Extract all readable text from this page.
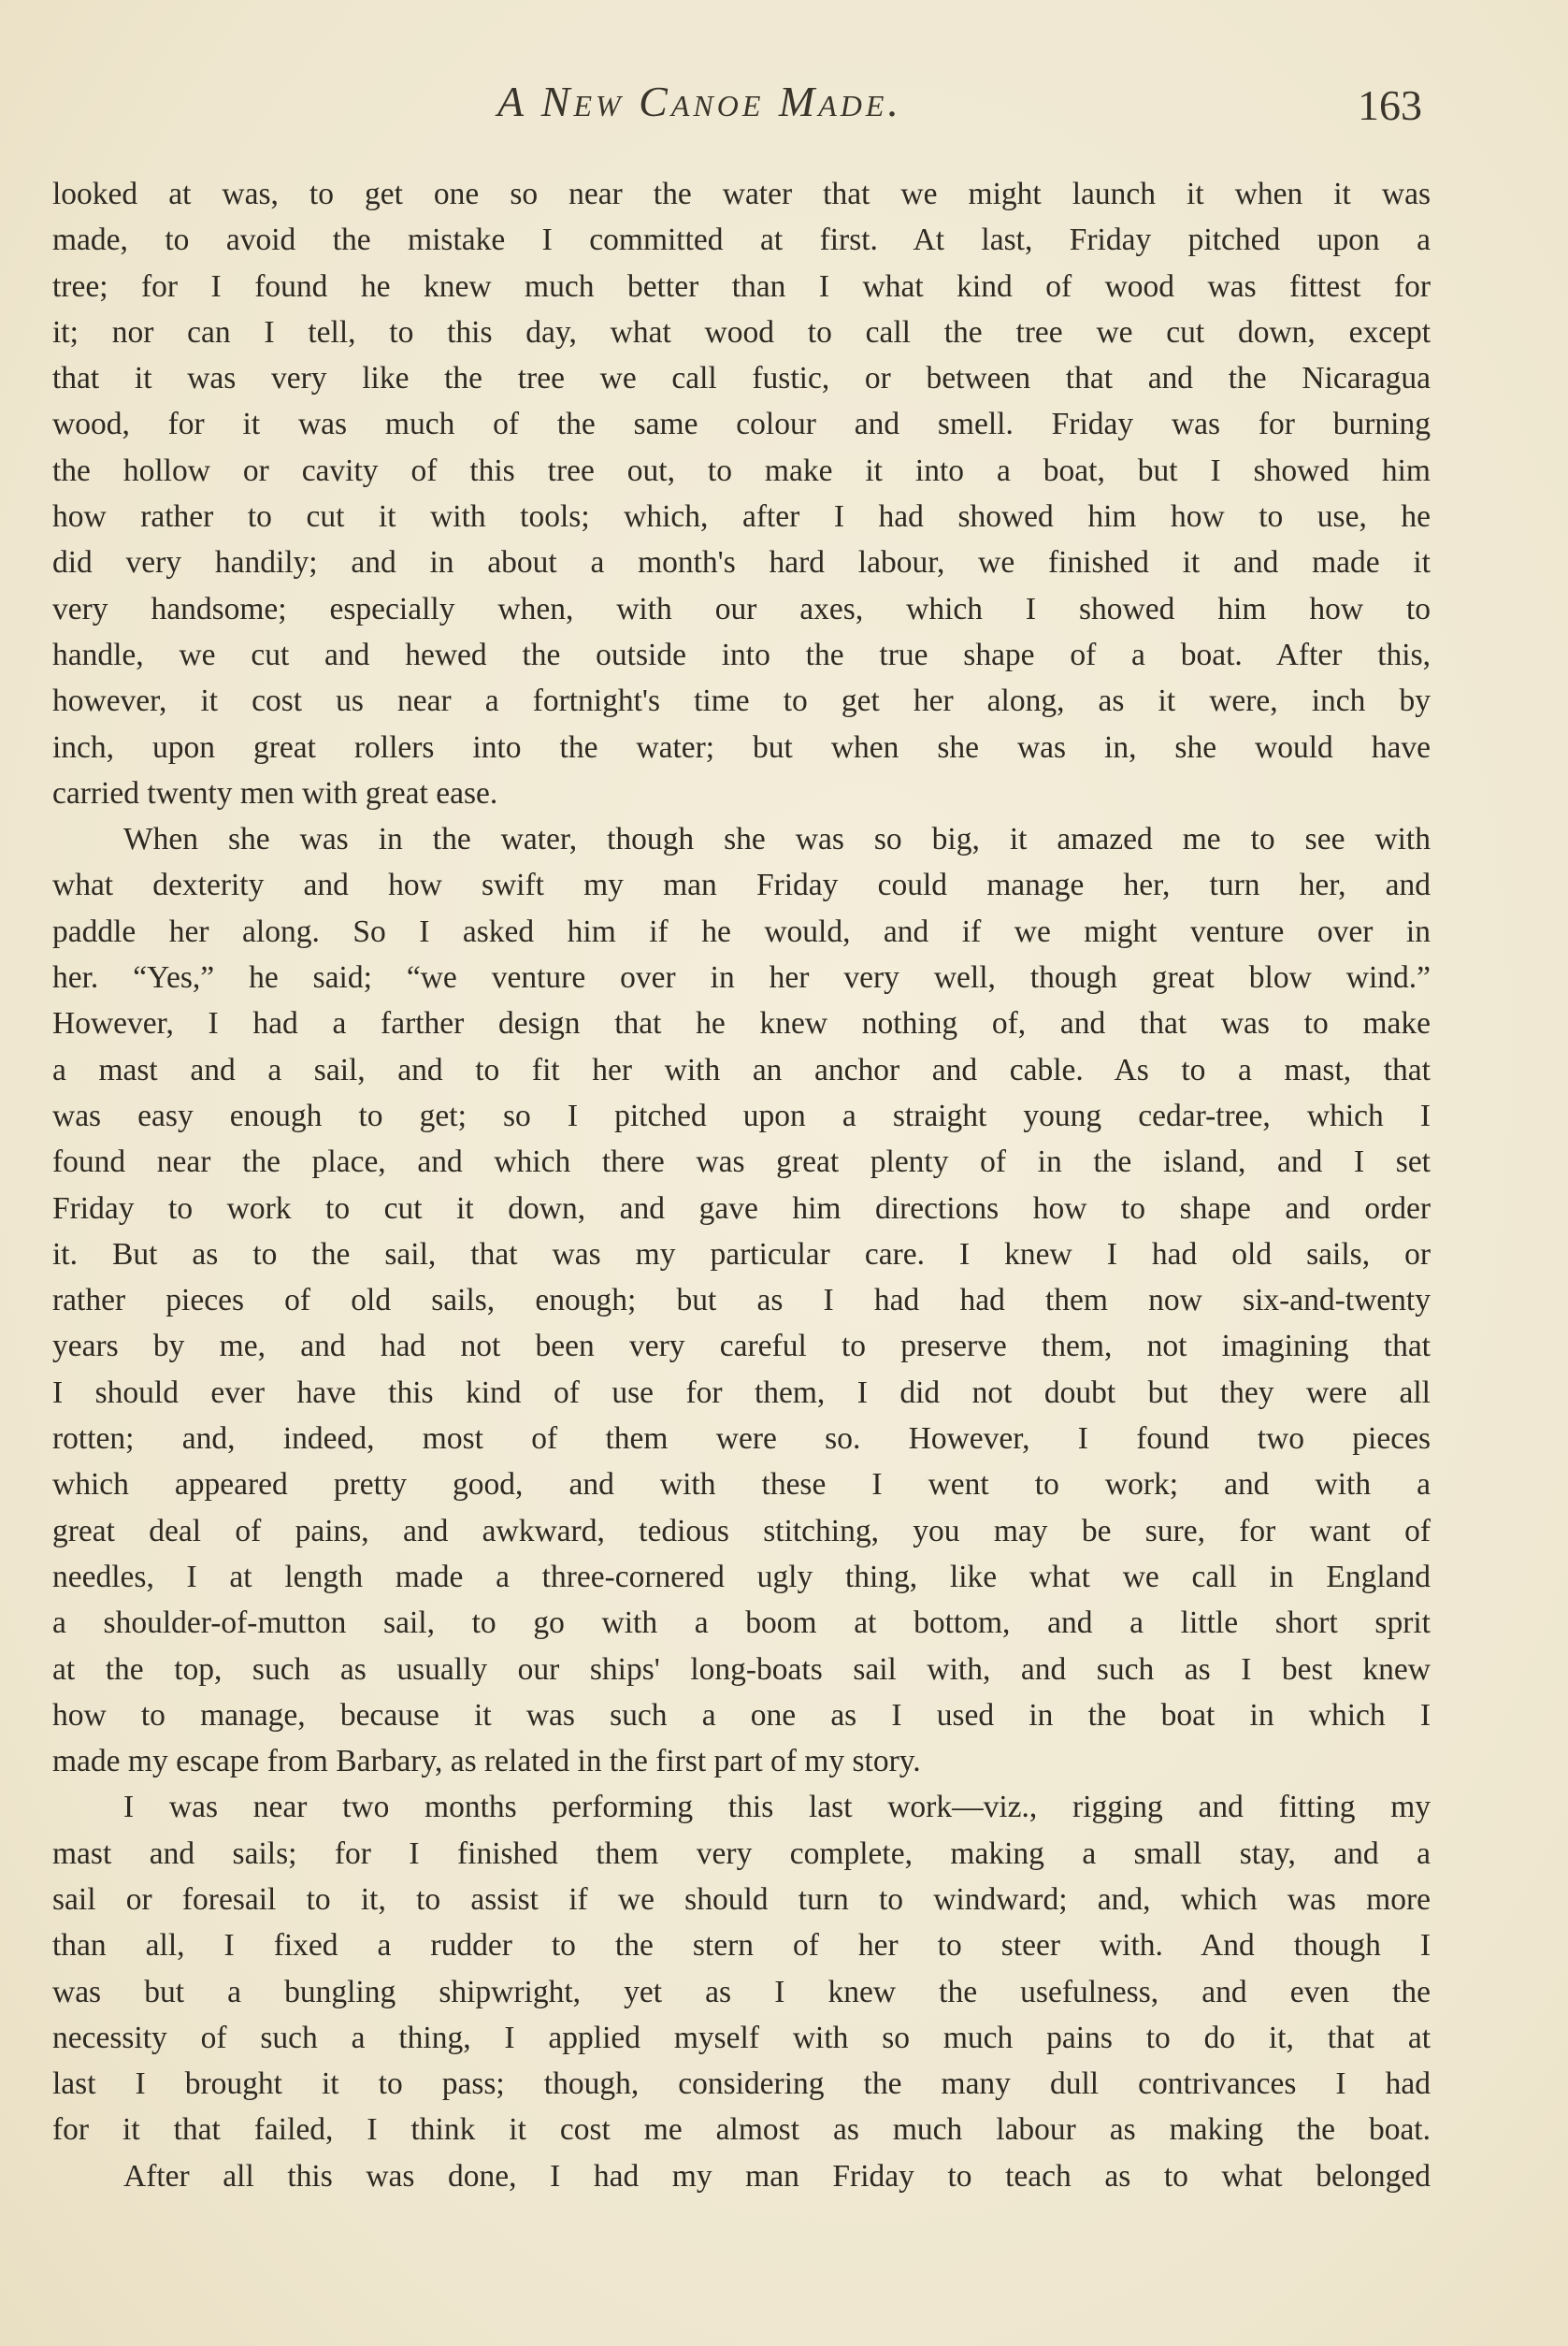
A New Canoe Made.	163
looked at was, to get one so near the water that we might launch it when it was
made, to avoid the mistake I committed at first. At last, Friday pitched upon a
tree; for I found he knew much better than I what kind of wood was fittest for
it; nor can I tell, to this day, what wood to call the tree we cut down, except
that it was very like the tree we call fustic, or between that and the Nicaragua
wood, for it was much of the same colour and smell. Friday was for burning
the hollow or cavity of this tree out, to make it into a boat, but I showed him
how rather to cut it with tools; which, after I had showed him how to use, he
did very handily; and in about a month's hard labour, we finished it and made it
very handsome; especially when, with our axes, which I showed him how to
handle, we cut and hewed the outside into the true shape of a boat. After this,
however, it cost us near a fortnight's time to get her along, as it were, inch by
inch, upon great rollers into the water; but when she was in, she would have
carried twenty men with great ease.
When she was in the water, though she was so big, it amazed me to see with
what dexterity and how swift my man Friday could manage her, turn her, and
paddle her along. So I asked him if he would, and if we might venture over in
her. “Yes,” he said; “we venture over in her very well, though great blow wind.”
However, I had a farther design that he knew nothing of, and that was to make
a mast and a sail, and to fit her with an anchor and cable. As to a mast, that
was easy enough to get; so I pitched upon a straight young cedar-tree, which I
found near the place, and which there was great plenty of in the island, and I set
Friday to work to cut it down, and gave him directions how to shape and order
it. But as to the sail, that was my particular care. I knew I had old sails, or
rather pieces of old sails, enough; but as I had had them now six-and-twenty
years by me, and had not been very careful to preserve them, not imagining that
I should ever have this kind of use for them, I did not doubt but they were all
rotten; and, indeed, most of them were so. However, I found two pieces
which appeared pretty good, and with these I went to work; and with a
great deal of pains, and awkward, tedious stitching, you may be sure, for want of
needles, I at length made a three-cornered ugly thing, like what we call in England
a shoulder-of-mutton sail, to go with a boom at bottom, and a little short sprit
at the top, such as usually our ships' long-boats sail with, and such as I best knew
how to manage, because it was such a one as I used in the boat in which I
made my escape from Barbary, as related in the first part of my story.
I was near two months performing this last work—viz., rigging and fitting my
mast and sails; for I finished them very complete, making a small stay, and a
sail or foresail to it, to assist if we should turn to windward; and, which was more
than all, I fixed a rudder to the stern of her to steer with. And though I
was but a bungling shipwright, yet as I knew the usefulness, and even the
necessity of such a thing, I applied myself with so much pains to do it, that at
last I brought it to pass; though, considering the many dull contrivances I had
for it that failed, I think it cost me almost as much labour as making the boat.
After all this was done, I had my man Friday to teach as to what belonged
